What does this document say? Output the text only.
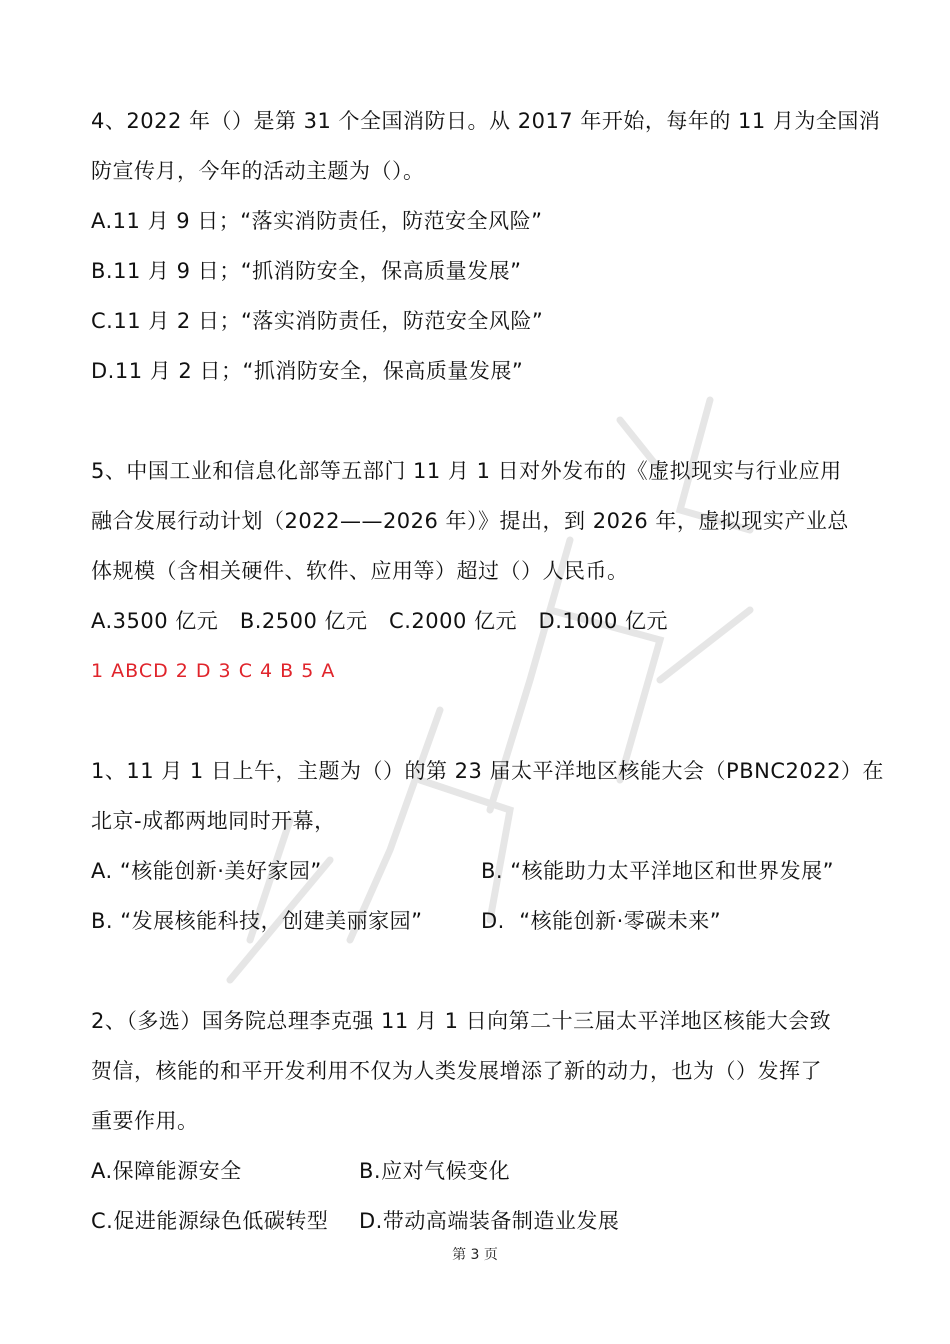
4、2022 年（）是第 31 个全国消防日。从 2017 年开始，每年的 11 月为全国消
防宣传月，今年的活动主题为（）。
A.11 月 9 日；“落实消防责任，防范安全风险”
B.11 月 9 日；“抓消防安全，保高质量发展”
C.11 月 2 日；“落实消防责任，防范安全风险”
D.11 月 2 日；“抓消防安全，保高质量发展”
5、中国工业和信息化部等五部门 11 月 1 日对外发布的《虚拟现实与行业应用
融合发展行动计划（2022——2026 年）》提出，到 2026 年，虚拟现实产业总
体规模（含相关硬件、软件、应用等）超过（）人民币。
A.3500 亿元   B.2500 亿元   C.2000 亿元   D.1000 亿元
1 ABCD 2 D 3 C 4 B 5 A
1、11 月 1 日上午，主题为（）的第 23 届太平洋地区核能大会（PBNC2022）在
北京-成都两地同时开幕，
A. “核能创新·美好家园”	B. “核能助力太平洋地区和世界发展”
B. “发展核能科技，创建美丽家园”	D.  “核能创新·零碳未来”
2、（多选）国务院总理李克强 11 月 1 日向第二十三届太平洋地区核能大会致
贺信，核能的和平开发利用不仅为人类发展增添了新的动力，也为（）发挥了
重要作用。
A.保障能源安全	B.应对气候变化
C.促进能源绿色低碳转型	D.带动高端装备制造业发展
第 3 页
